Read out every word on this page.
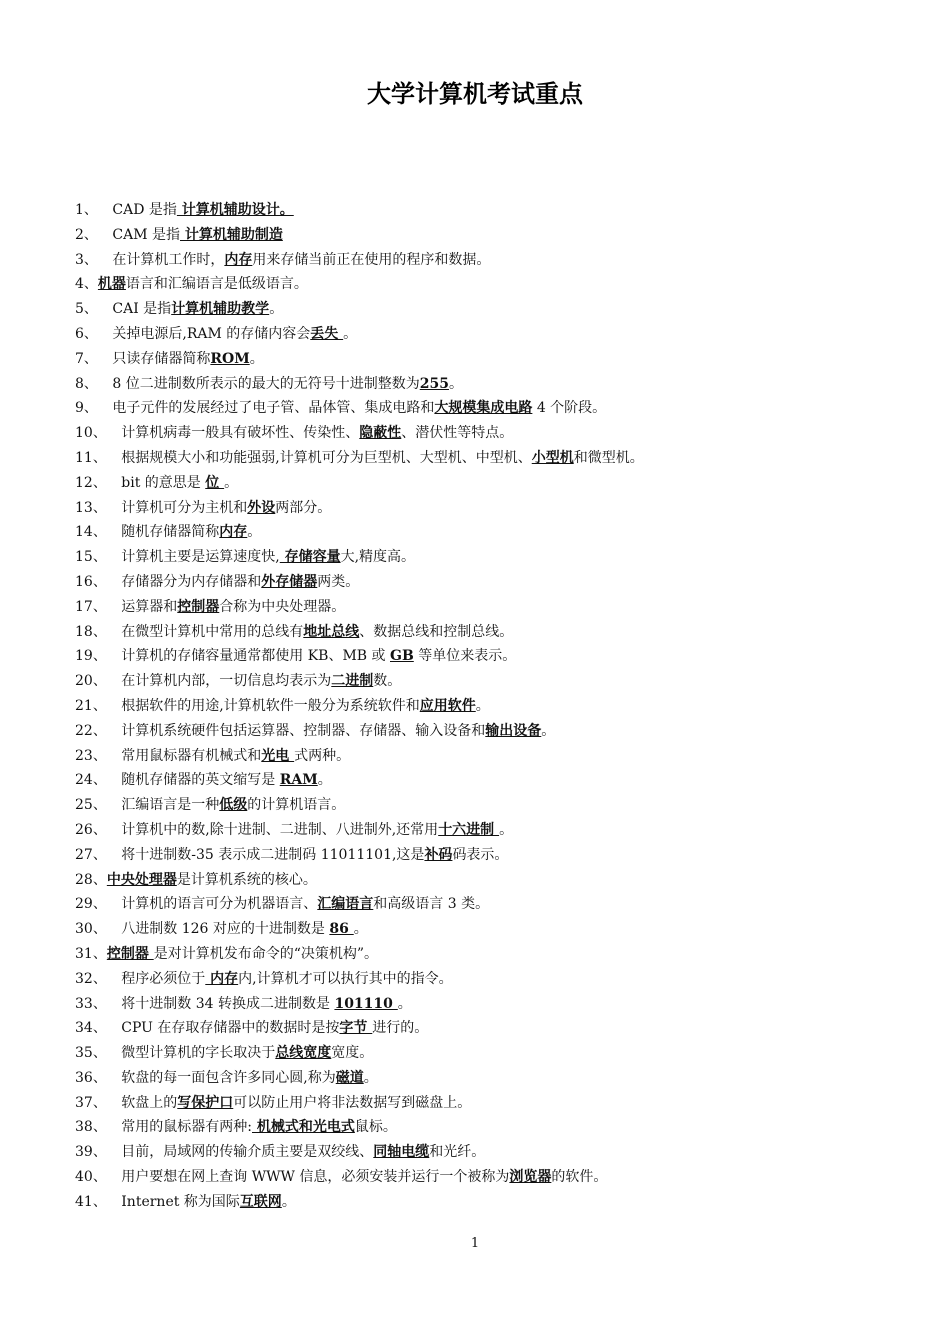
大学计算机考试重点
1、 CAD 是指 计算机辅助设计。
2、 CAM 是指 计算机辅助制造
3、 在计算机工作时，内存用来存储当前正在使用的程序和数据。
4、机器语言和汇编语言是低级语言。
5、 CAI 是指计算机辅助教学。
6、 关掉电源后,RAM 的存储内容会丢失 。
7、 只读存储器简称ROM。
8、 8 位二进制数所表示的最大的无符号十进制整数为255。
9、 电子元件的发展经过了电子管、晶体管、集成电路和大规模集成电路 4 个阶段。
10、 计算机病毒一般具有破坏性、传染性、隐蔽性、潜伏性等特点。
11、 根据规模大小和功能强弱,计算机可分为巨型机、大型机、中型机、小型机和微型机。
12、 bit 的意思是 位 。
13、 计算机可分为主机和外设两部分。
14、 随机存储器简称内存。
15、 计算机主要是运算速度快, 存储容量大,精度高。
16、 存储器分为内存储器和外存储器两类。
17、 运算器和控制器合称为中央处理器。
18、 在微型计算机中常用的总线有地址总线、数据总线和控制总线。
19、 计算机的存储容量通常都使用 KB、MB 或 GB 等单位来表示。
20、 在计算机内部，一切信息均表示为二进制数。
21、 根据软件的用途,计算机软件一般分为系统软件和应用软件。
22、 计算机系统硬件包括运算器、控制器、存储器、输入设备和输出设备。
23、 常用鼠标器有机械式和光电 式两种。
24、 随机存储器的英文缩写是 RAM。
25、 汇编语言是一种低级的计算机语言。
26、 计算机中的数,除十进制、二进制、八进制外,还常用十六进制 。
27、 将十进制数-35 表示成二进制码 11011101,这是补码码表示。
28、中央处理器是计算机系统的核心。
29、 计算机的语言可分为机器语言、汇编语言和高级语言 3 类。
30、 八进制数 126 对应的十进制数是 86 。
31、控制器 是对计算机发布命令的“决策机构”。
32、 程序必须位于 内存内,计算机才可以执行其中的指令。
33、 将十进制数 34 转换成二进制数是 101110 。
34、 CPU 在存取存储器中的数据时是按字节 进行的。
35、 微型计算机的字长取决于总线宽度宽度。
36、 软盘的每一面包含许多同心圆,称为磁道。
37、 软盘上的写保护口可以防止用户将非法数据写到磁盘上。
38、 常用的鼠标器有两种: 机械式和光电式鼠标。
39、 目前，局域网的传输介质主要是双绞线、同轴电缆和光纤。
40、 用户要想在网上查询 WWW 信息，必须安装并运行一个被称为浏览器的软件。
41、 Internet 称为国际互联网。
1
